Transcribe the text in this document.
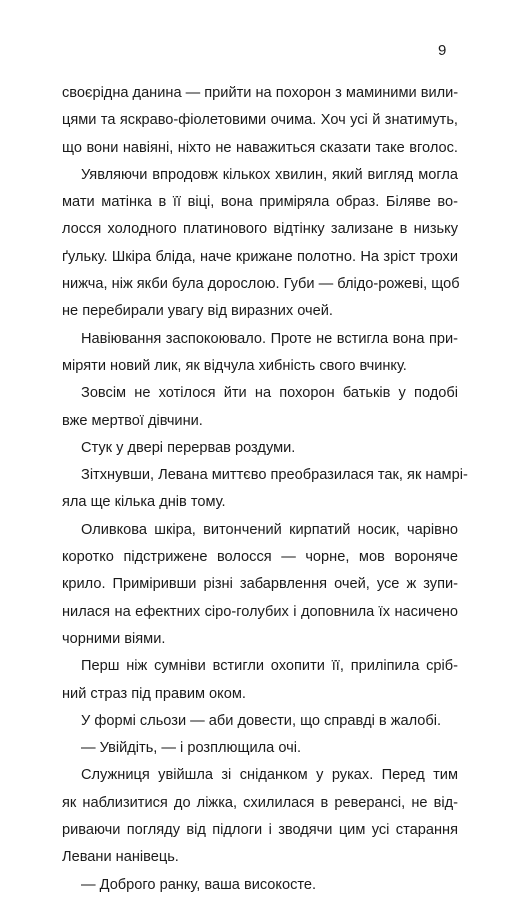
9
своєрідна данина — прийти на похорон з маминими вили-
цями та яскраво-фіолетовими очима. Хоч усі й знатимуть,
що вони навіяні, ніхто не наважиться сказати таке вголос.
Уявляючи впродовж кількох хвилин, який вигляд могла
мати матінка в її віці, вона приміряла образ. Біляве во-
лосся холодного платинового відтінку зализане в низьку
ґульку. Шкіра бліда, наче крижане полотно. На зріст трохи
нижча, ніж якби була дорослою. Губи — блідо-рожеві, щоб
не перебирали увагу від виразних очей.
Навіювання заспокоювало. Проте не встигла вона при-
міряти новий лик, як відчула хибність свого вчинку.
Зовсім не хотілося йти на похорон батьків у подобі
вже мертвої дівчини.
Стук у двері перервав роздуми.
Зітхнувши, Левана миттєво преобразилася так, як намрі-
яла ще кілька днів тому.
Оливкова шкіра, витончений кирпатий носик, чарівно
коротко підстрижене волосся — чорне, мов вороняче
крило. Приміривши різні забарвлення очей, усе ж зупи-
нилася на ефектних сіро-голубих і доповнила їх насичено
чорними віями.
Перш ніж сумніви встигли охопити її, приліпила сріб-
ний страз під правим оком.
У формі сльози — аби довести, що справді в жалобі.
— Увійдіть, — і розплющила очі.
Служниця увійшла зі сніданком у руках. Перед тим
як наблизитися до ліжка, схилилася в реверансі, не від-
риваючи погляду від підлоги і зводячи цим усі старання
Левани нанівець.
— Доброго ранку, ваша високосте.
